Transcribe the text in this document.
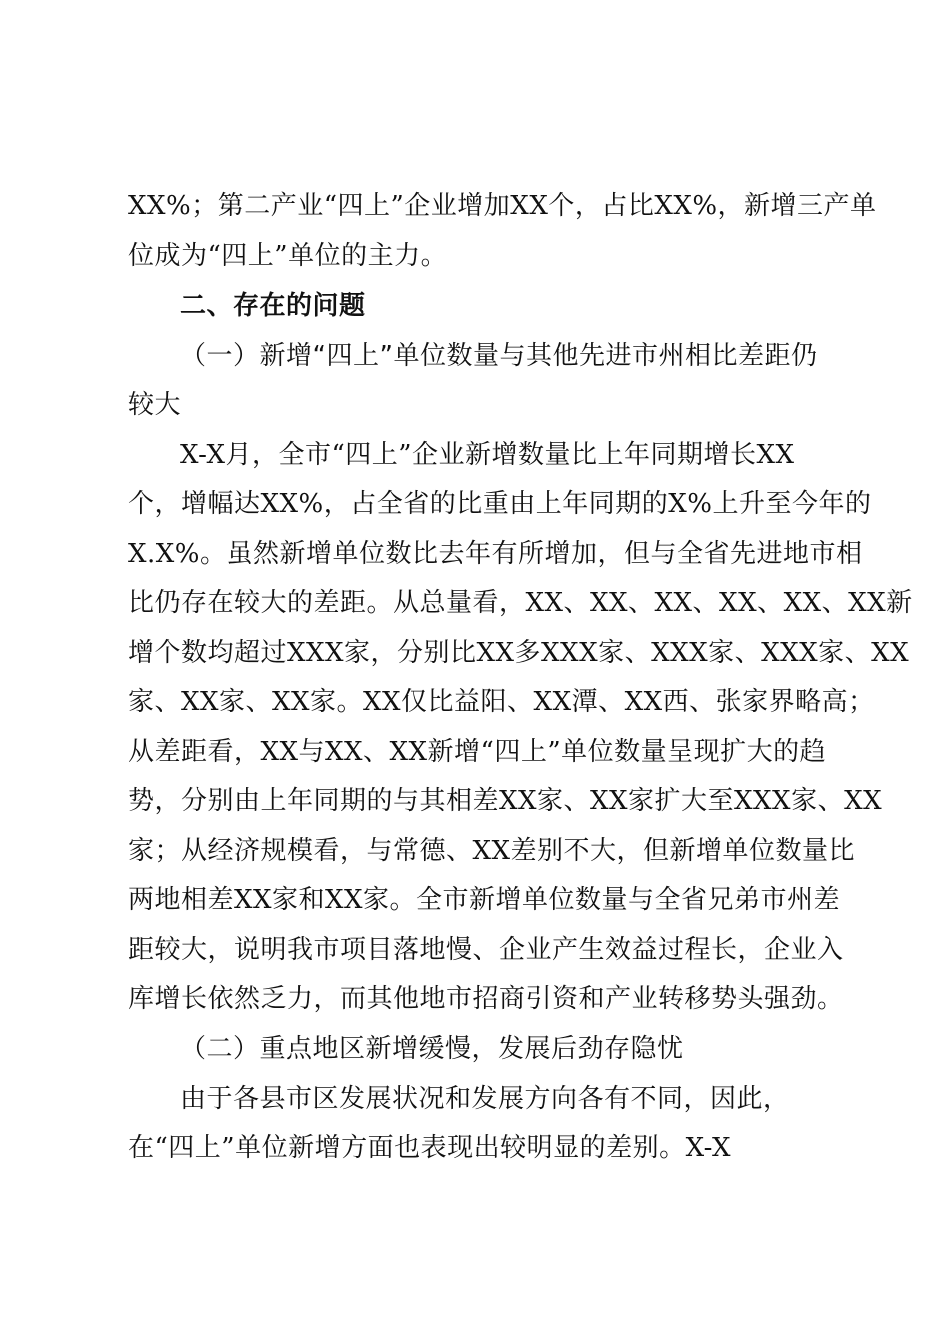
XX%；第二产业“四上”企业增加XX个，占比XX%，新增三产单
位成为“四上”单位的主力。
二、存在的问题
（一）新增“四上”单位数量与其他先进市州相比差距仍
较大
X-X月，全市“四上”企业新增数量比上年同期增长XX
个，增幅达XX%，占全省的比重由上年同期的X%上升至今年的
X.X%。虽然新增单位数比去年有所增加，但与全省先进地市相
比仍存在较大的差距。从总量看，XX、XX、XX、XX、XX、XX新
增个数均超过XXX家，分别比XX多XXX家、XXX家、XXX家、XX
家、XX家、XX家。XX仅比益阳、XX潭、XX西、张家界略高；
从差距看，XX与XX、XX新增“四上”单位数量呈现扩大的趋
势，分别由上年同期的与其相差XX家、XX家扩大至XXX家、XX
家；从经济规模看，与常德、XX差别不大，但新增单位数量比
两地相差XX家和XX家。全市新增单位数量与全省兄弟市州差
距较大，说明我市项目落地慢、企业产生效益过程长，企业入
库增长依然乏力，而其他地市招商引资和产业转移势头强劲。
（二）重点地区新增缓慢，发展后劲存隐忧
由于各县市区发展状况和发展方向各有不同，因此，
在“四上”单位新增方面也表现出较明显的差别。X-X
